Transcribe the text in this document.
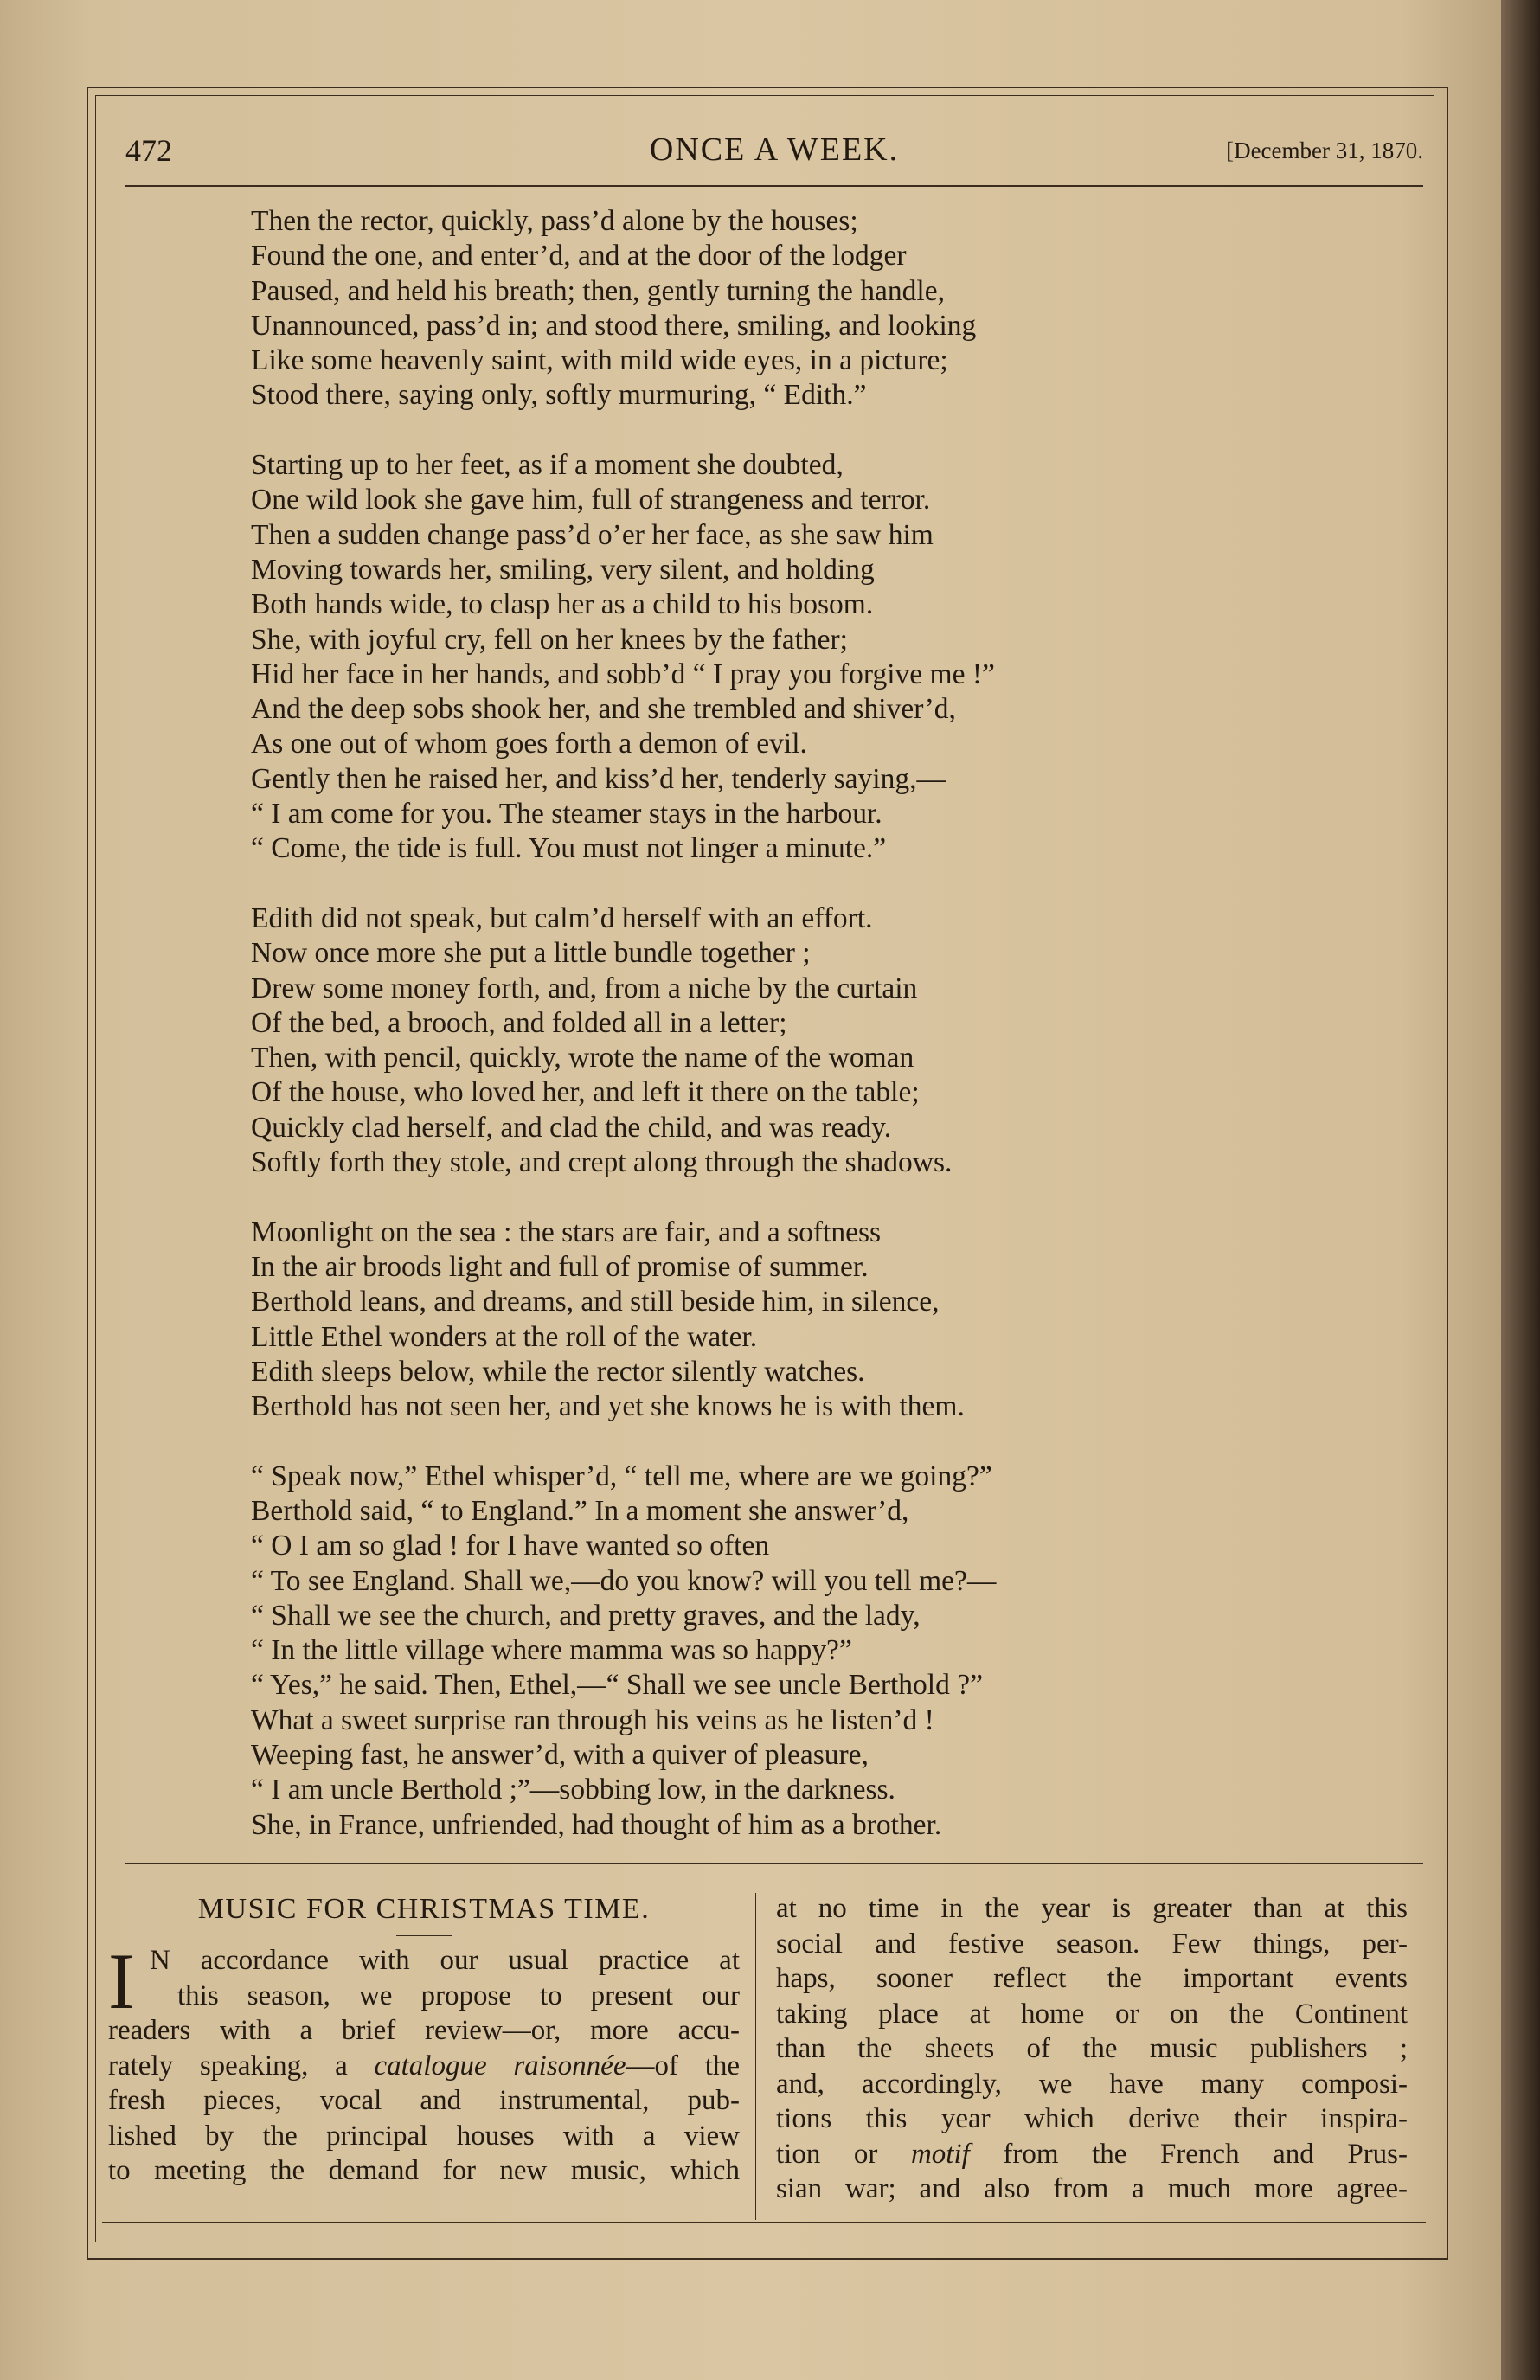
ONCE A WEEK.
472	[December 31, 1870.
Then the rector, quickly, pass’d alone by the houses;
Found the one, and enter’d, and at the door of the lodger
Paused, and held his breath; then, gently turning the handle,
Unannounced, pass’d in; and stood there, smiling, and looking
Like some heavenly saint, with mild wide eyes, in a picture;
Stood there, saying only, softly murmuring, “ Edith.”
Starting up to her feet, as if a moment she doubted,
One wild look she gave him, full of strangeness and terror.
Then a sudden change pass’d o’er her face, as she saw him
Moving towards her, smiling, very silent, and holding
Both hands wide, to clasp her as a child to his bosom.
She, with joyful cry, fell on her knees by the father;
Hid her face in her hands, and sobb’d “ I pray you forgive me !”
And the deep sobs shook her, and she trembled and shiver’d,
As one out of whom goes forth a demon of evil.
Gently then he raised her, and kiss’d her, tenderly saying,—
“ I am come for you. The steamer stays in the harbour.
“ Come, the tide is full. You must not linger a minute.”
Edith did not speak, but calm’d herself with an effort.
Now once more she put a little bundle together ;
Drew some money forth, and, from a niche by the curtain
Of the bed, a brooch, and folded all in a letter;
Then, with pencil, quickly, wrote the name of the woman
Of the house, who loved her, and left it there on the table;
Quickly clad herself, and clad the child, and was ready.
Softly forth they stole, and crept along through the shadows.
Moonlight on the sea : the stars are fair, and a softness
In the air broods light and full of promise of summer.
Berthold leans, and dreams, and still beside him, in silence,
Little Ethel wonders at the roll of the water.
Edith sleeps below, while the rector silently watches.
Berthold has not seen her, and yet she knows he is with them.
“ Speak now,” Ethel whisper’d, “ tell me, where are we going?”
Berthold said, “ to England.” In a moment she answer’d,
“ O I am so glad ! for I have wanted so often
“ To see England. Shall we,—do you know? will you tell me?—
“ Shall we see the church, and pretty graves, and the lady,
“ In the little village where mamma was so happy?”
“ Yes,” he said. Then, Ethel,—“ Shall we see uncle Berthold ?”
What a sweet surprise ran through his veins as he listen’d !
Weeping fast, he answer’d, with a quiver of pleasure,
“ I am uncle Berthold ;”—sobbing low, in the darkness.
She, in France, unfriended, had thought of him as a brother.
MUSIC FOR CHRISTMAS TIME.
I N accordance with our usual practice at
this season, we propose to present our
readers with a brief review—or, more accu-
rately speaking, a catalogue raisonnée—of the
fresh pieces, vocal and instrumental, pub-
lished by the principal houses with a view
to meeting the demand for new music, which
at no time in the year is greater than at this
social and festive season. Few things, per-
haps, sooner reflect the important events
taking place at home or on the Continent
than the sheets of the music publishers ;
and, accordingly, we have many composi-
tions this year which derive their inspira-
tion or motif from the French and Prus-
sian war; and also from a much more agree-
